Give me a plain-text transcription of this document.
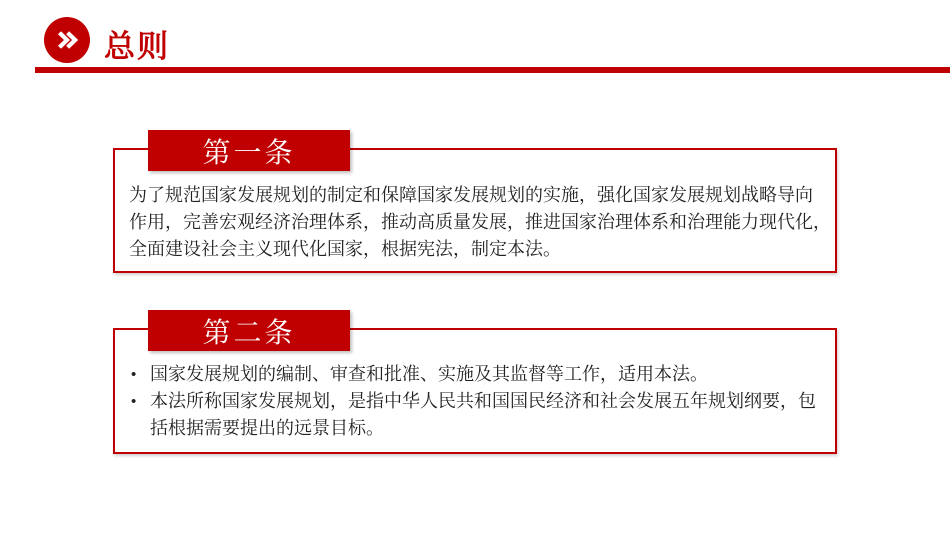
总则
第一条
为了规范国家发展规划的制定和保障国家发展规划的实施，强化国家发展规划战略导向
作用，完善宏观经济治理体系，推动高质量发展，推进国家治理体系和治理能力现代化，
全面建设社会主义现代化国家，根据宪法，制定本法。
第二条
• 国家发展规划的编制、审查和批准、实施及其监督等工作，适用本法。
• 本法所称国家发展规划，是指中华人民共和国国民经济和社会发展五年规划纲要，包括根据需要提出的远景目标。
